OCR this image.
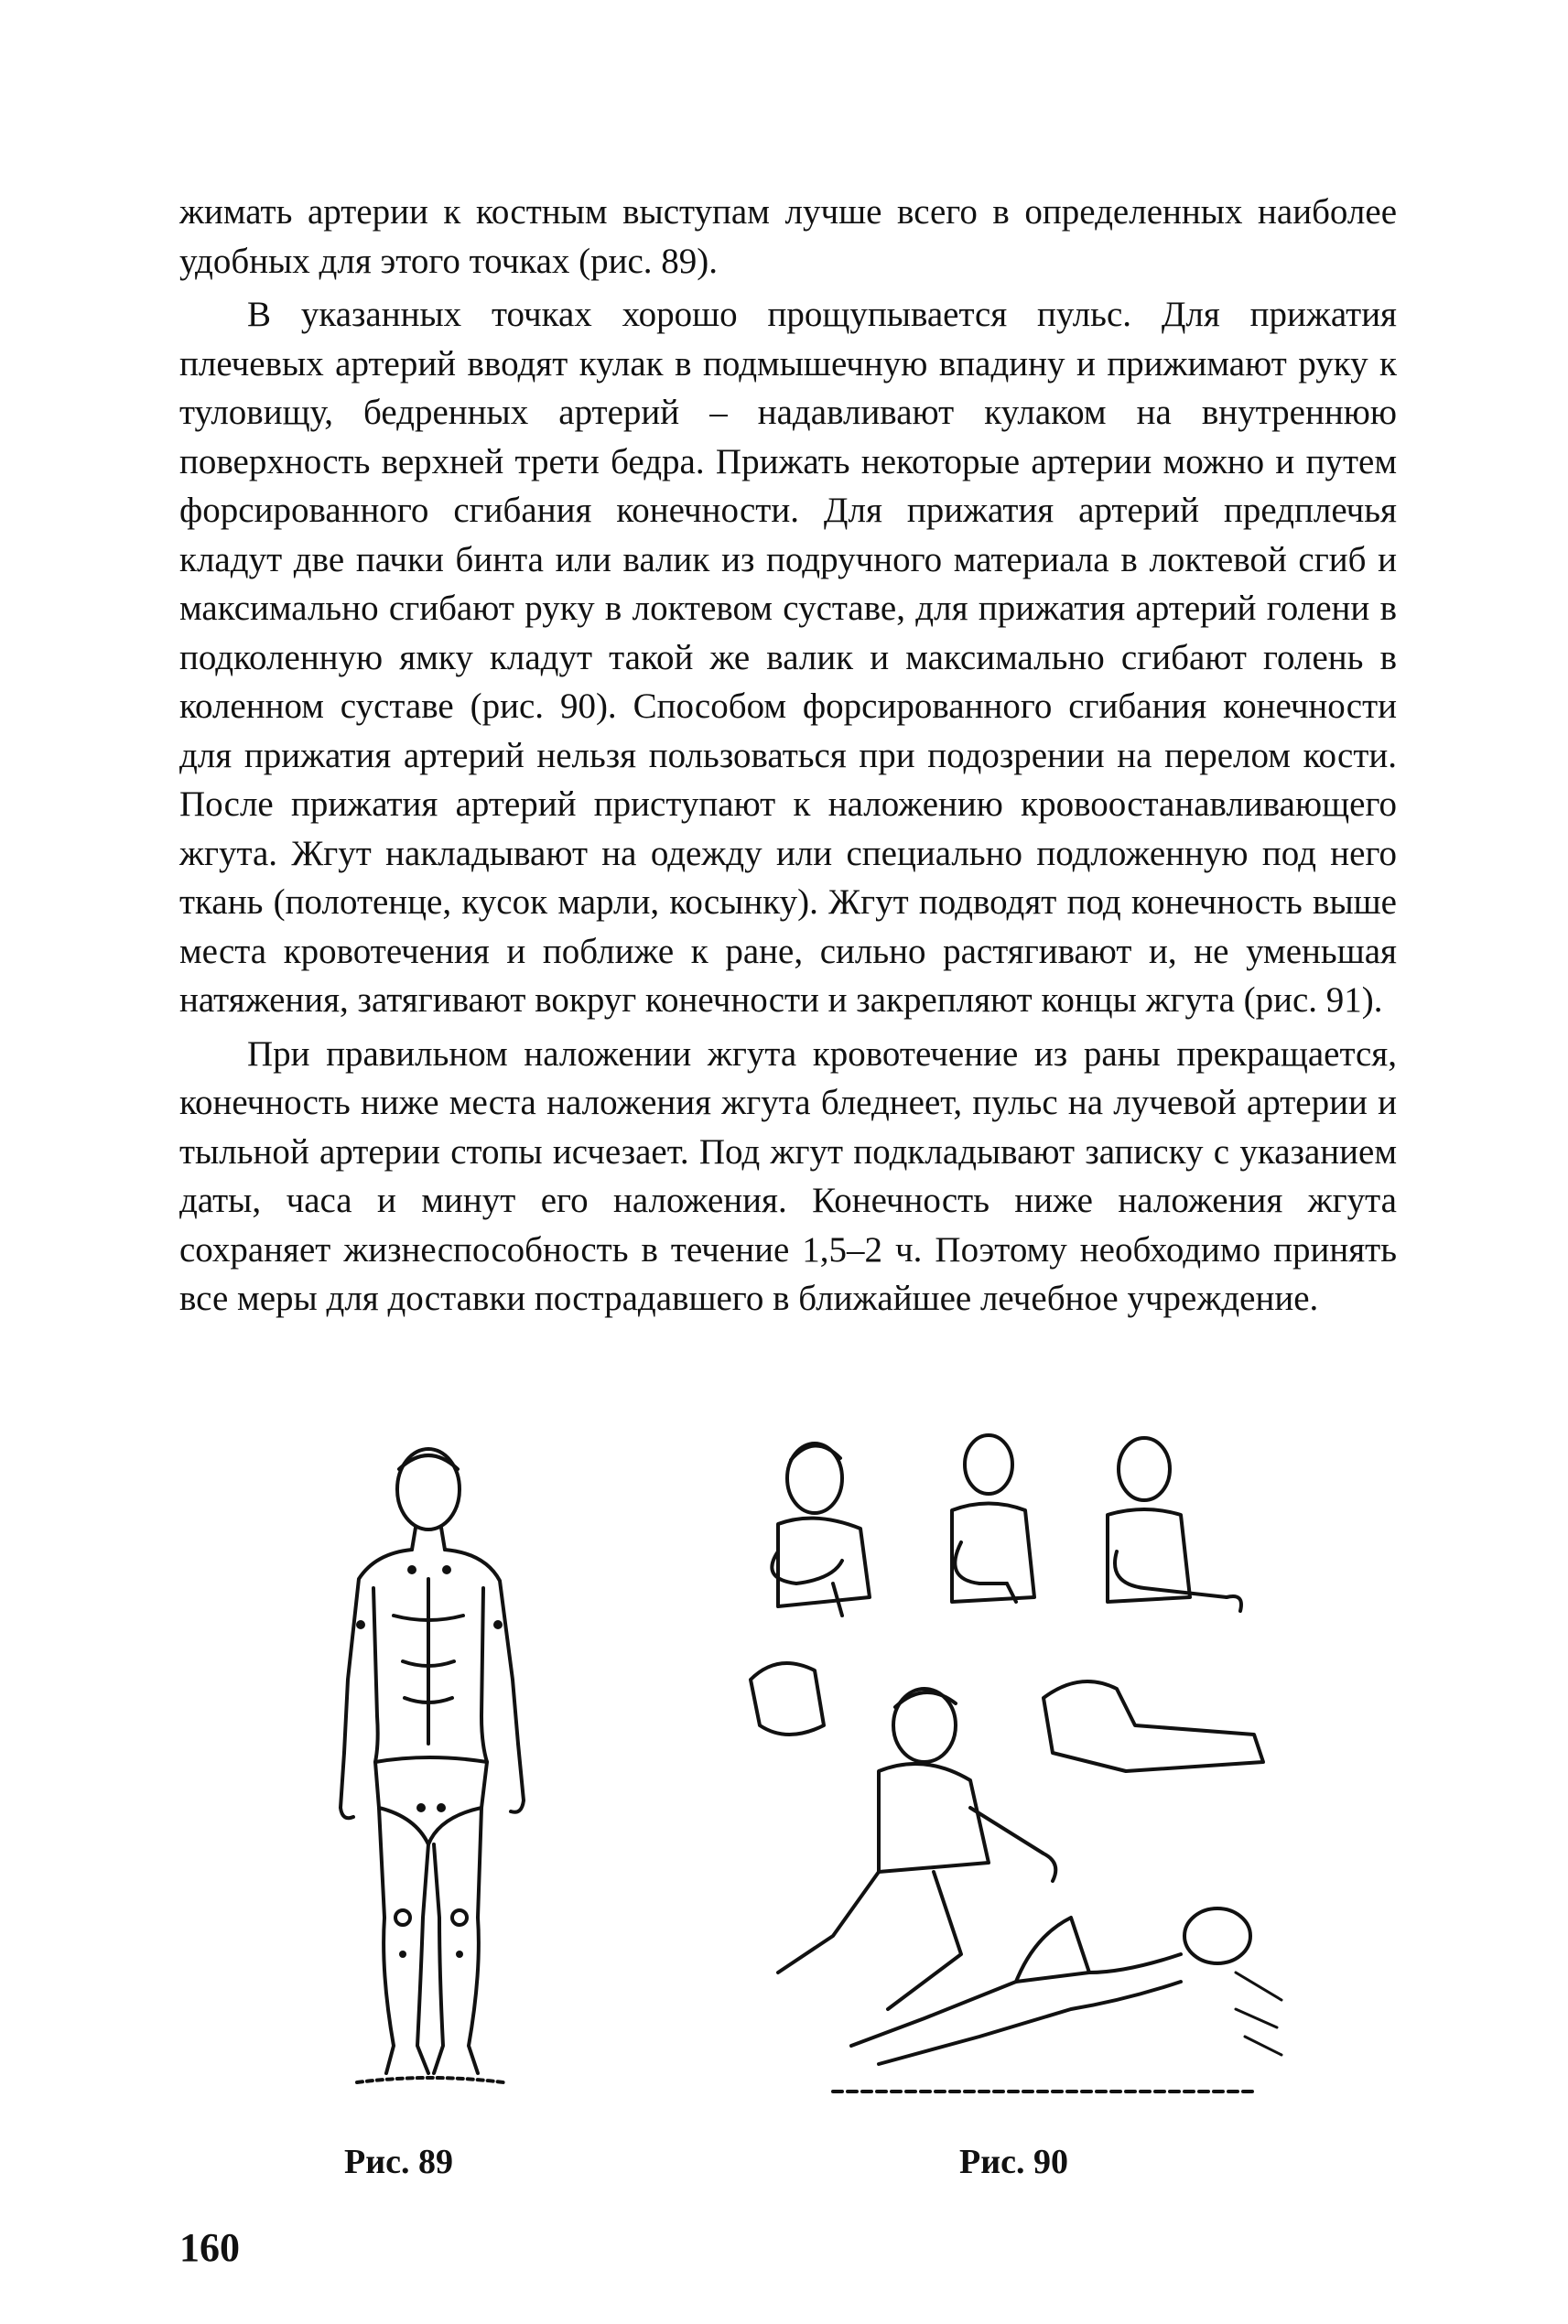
жимать артерии к костным выступам лучше всего в определенных наиболее удобных для этого точках (рис. 89).

В указанных точках хорошо прощупывается пульс. Для прижатия плечевых артерий вводят кулак в подмышечную впадину и прижимают руку к туловищу, бедренных артерий – надавливают кулаком на внутреннюю поверхность верхней трети бедра. Прижать некоторые артерии можно и путем форсированного сгибания конечности. Для прижатия артерий предплечья кладут две пачки бинта или валик из подручного материала в локтевой сгиб и максимально сгибают руку в локтевом суставе, для прижатия артерий голени в подколенную ямку кладут такой же валик и максимально сгибают голень в коленном суставе (рис. 90). Способом форсированного сгибания конечности для прижатия артерий нельзя пользоваться при подозрении на перелом кости. После прижатия артерий приступают к наложению кровоостанавливающего жгута. Жгут накладывают на одежду или специально подложенную под него ткань (полотенце, кусок марли, косынку). Жгут подводят под конечность выше места кровотечения и поближе к ране, сильно растягивают и, не уменьшая натяжения, затягивают вокруг конечности и закрепляют концы жгута (рис. 91).

При правильном наложении жгута кровотечение из раны прекращается, конечность ниже места наложения жгута бледнеет, пульс на лучевой артерии и тыльной артерии стопы исчезает. Под жгут подкладывают записку с указанием даты, часа и минут его наложения. Конечность ниже наложения жгута сохраняет жизнеспособность в течение 1,5–2 ч. Поэтому необходимо принять все меры для доставки пострадавшего в ближайшее лечебное учреждение.

Рис. 89	Рис. 90
160
